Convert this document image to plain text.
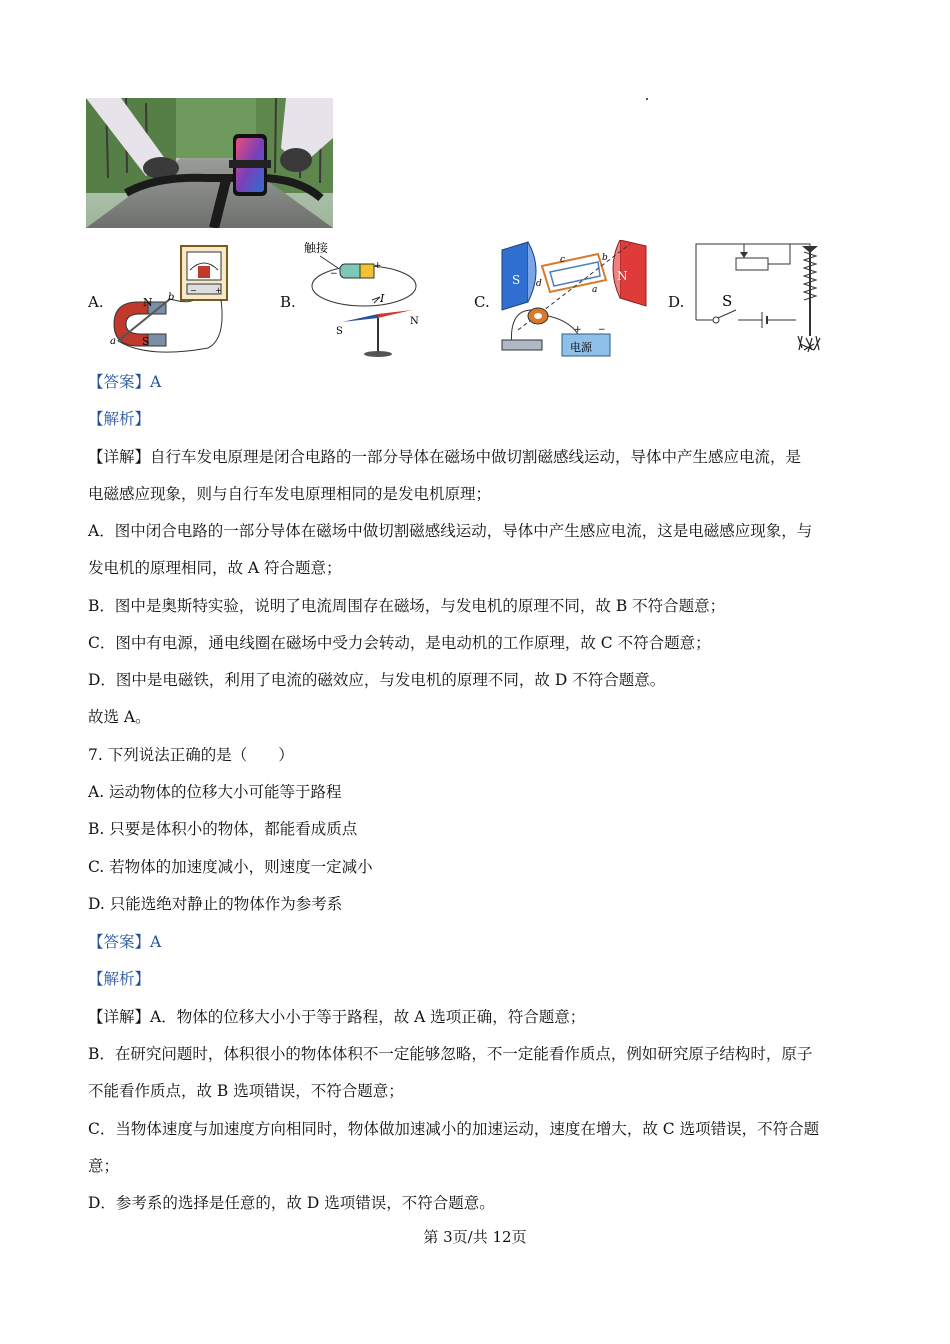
A.
− +
N b
a S
B.
触接
−
+
I
S
N
C.
S	N
c	b
d
a
电源
+ −
D.	S
【答案】A
【解析】
【详解】自行车发电原理是闭合电路的一部分导体在磁场中做切割磁感线运动，导体中产生感应电流，是
电磁感应现象，则与自行车发电原理相同的是发电机原理；
A．图中闭合电路的一部分导体在磁场中做切割磁感线运动，导体中产生感应电流，这是电磁感应现象，与
发电机的原理相同，故 A 符合题意；
B．图中是奥斯特实验，说明了电流周围存在磁场，与发电机的原理不同，故 B 不符合题意；
C．图中有电源，通电线圈在磁场中受力会转动，是电动机的工作原理，故 C 不符合题意；
D．图中是电磁铁，利用了电流的磁效应，与发电机的原理不同，故 D 不符合题意。
故选 A。
7. 下列说法正确的是（　　）
A. 运动物体的位移大小可能等于路程
B. 只要是体积小的物体，都能看成质点
C. 若物体的加速度减小，则速度一定减小
D. 只能选绝对静止的物体作为参考系
【答案】A
【解析】
【详解】A．物体的位移大小小于等于路程，故 A 选项正确，符合题意；
B．在研究问题时，体积很小的物体体积不一定能够忽略，不一定能看作质点，例如研究原子结构时，原子
不能看作质点，故 B 选项错误，不符合题意；
C．当物体速度与加速度方向相同时，物体做加速减小的加速运动，速度在增大，故 C 选项错误，不符合题
意；
D．参考系的选择是任意的，故 D 选项错误，不符合题意。
第 3页/共 12页
